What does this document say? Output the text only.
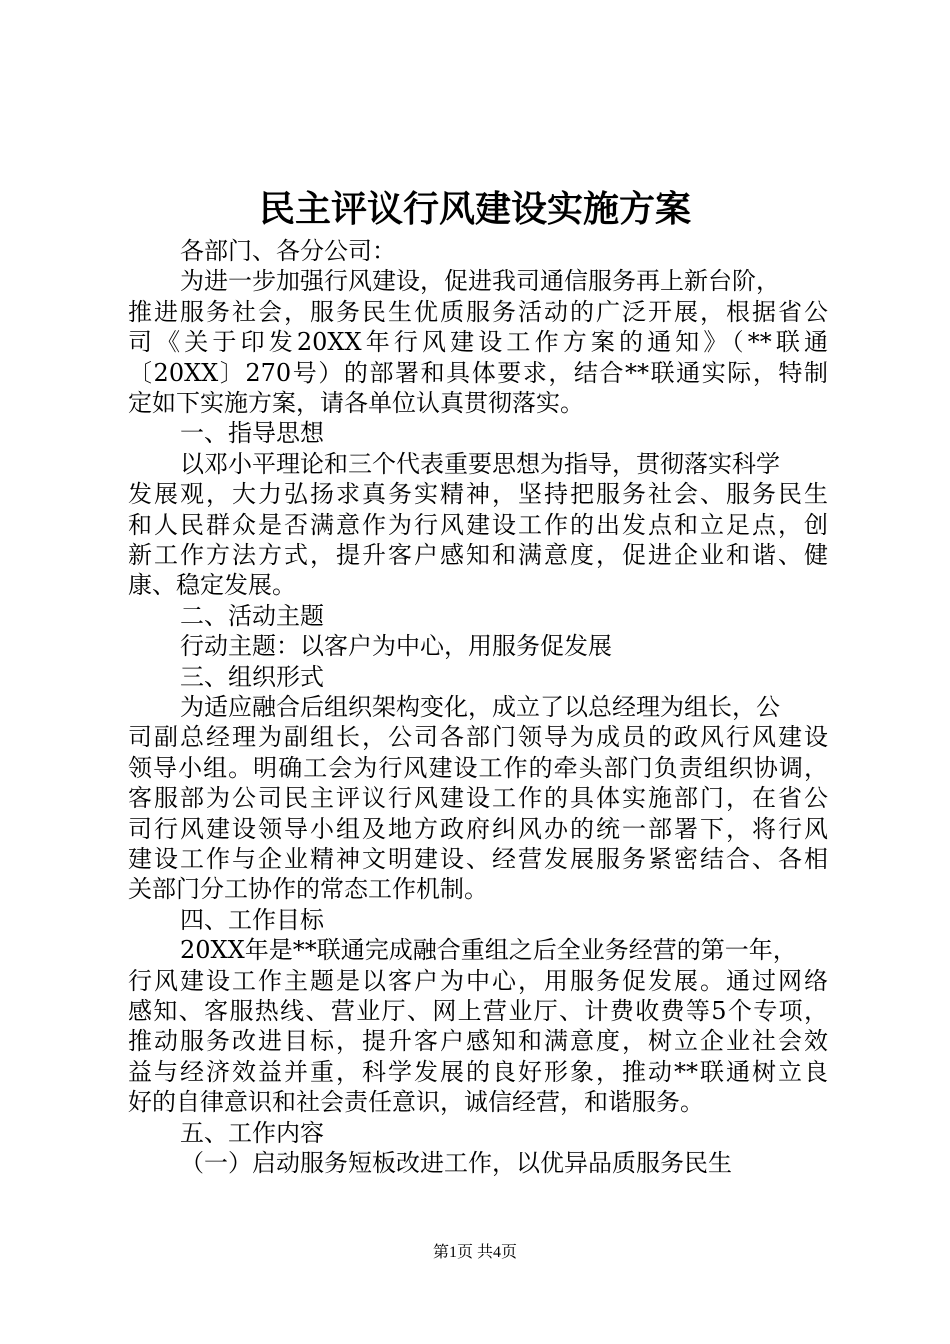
民主评议行风建设实施方案
各部门、各分公司：
为进一步加强行风建设，促进我司通信服务再上新台阶，
推进服务社会，服务民生优质服务活动的广泛开展，根据省公
司《关于印发20XX年行风建设工作方案的通知》（**联通
〔20XX〕270号）的部署和具体要求，结合**联通实际，特制
定如下实施方案，请各单位认真贯彻落实。
一、指导思想
以邓小平理论和三个代表重要思想为指导，贯彻落实科学
发展观，大力弘扬求真务实精神，坚持把服务社会、服务民生
和人民群众是否满意作为行风建设工作的出发点和立足点，创
新工作方法方式，提升客户感知和满意度，促进企业和谐、健
康、稳定发展。
二、活动主题
行动主题：以客户为中心，用服务促发展
三、组织形式
为适应融合后组织架构变化，成立了以总经理为组长，公
司副总经理为副组长，公司各部门领导为成员的政风行风建设
领导小组。明确工会为行风建设工作的牵头部门负责组织协调，
客服部为公司民主评议行风建设工作的具体实施部门，在省公
司行风建设领导小组及地方政府纠风办的统一部署下，将行风
建设工作与企业精神文明建设、经营发展服务紧密结合、各相
关部门分工协作的常态工作机制。
四、工作目标
20XX年是**联通完成融合重组之后全业务经营的第一年，
行风建设工作主题是以客户为中心，用服务促发展。通过网络
感知、客服热线、营业厅、网上营业厅、计费收费等5个专项，
推动服务改进目标，提升客户感知和满意度，树立企业社会效
益与经济效益并重，科学发展的良好形象，推动**联通树立良
好的自律意识和社会责任意识，诚信经营，和谐服务。
五、工作内容
（一）启动服务短板改进工作，以优异品质服务民生
第1页 共4页
